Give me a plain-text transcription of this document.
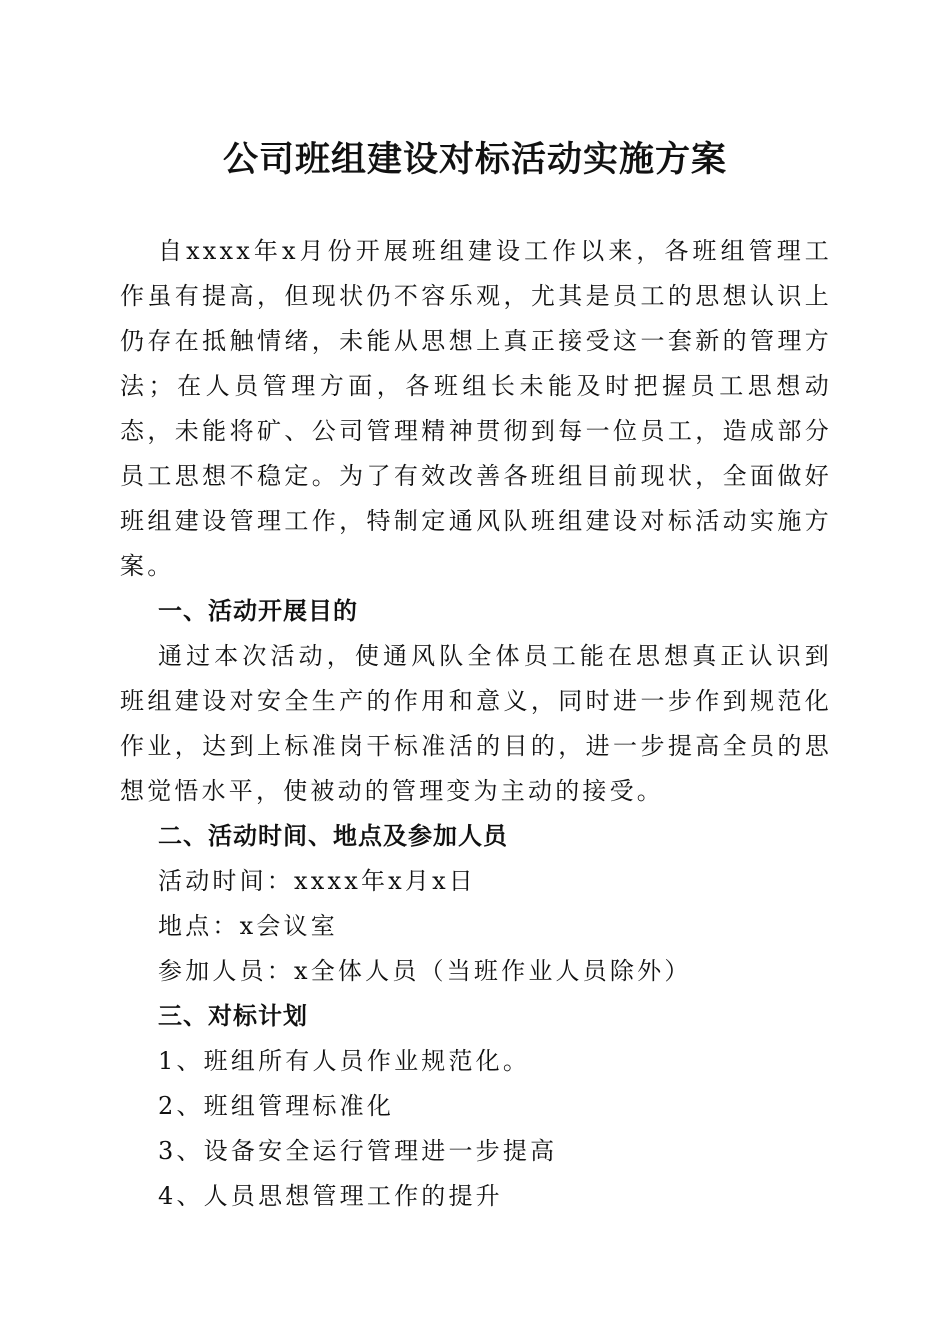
公司班组建设对标活动实施方案

自xxxx年x月份开展班组建设工作以来，各班组管理工作虽有提高，但现状仍不容乐观，尤其是员工的思想认识上仍存在抵触情绪，未能从思想上真正接受这一套新的管理方法；在人员管理方面，各班组长未能及时把握员工思想动态，未能将矿、公司管理精神贯彻到每一位员工，造成部分员工思想不稳定。为了有效改善各班组目前现状，全面做好班组建设管理工作，特制定通风队班组建设对标活动实施方案。

一、活动开展目的

通过本次活动，使通风队全体员工能在思想真正认识到班组建设对安全生产的作用和意义，同时进一步作到规范化作业，达到上标准岗干标准活的目的，进一步提高全员的思想觉悟水平，使被动的管理变为主动的接受。

二、活动时间、地点及参加人员

活动时间：xxxx年x月x日

地点：x会议室

参加人员：x全体人员（当班作业人员除外）

三、对标计划

1、班组所有人员作业规范化。

2、班组管理标准化

3、设备安全运行管理进一步提高

4、人员思想管理工作的提升
